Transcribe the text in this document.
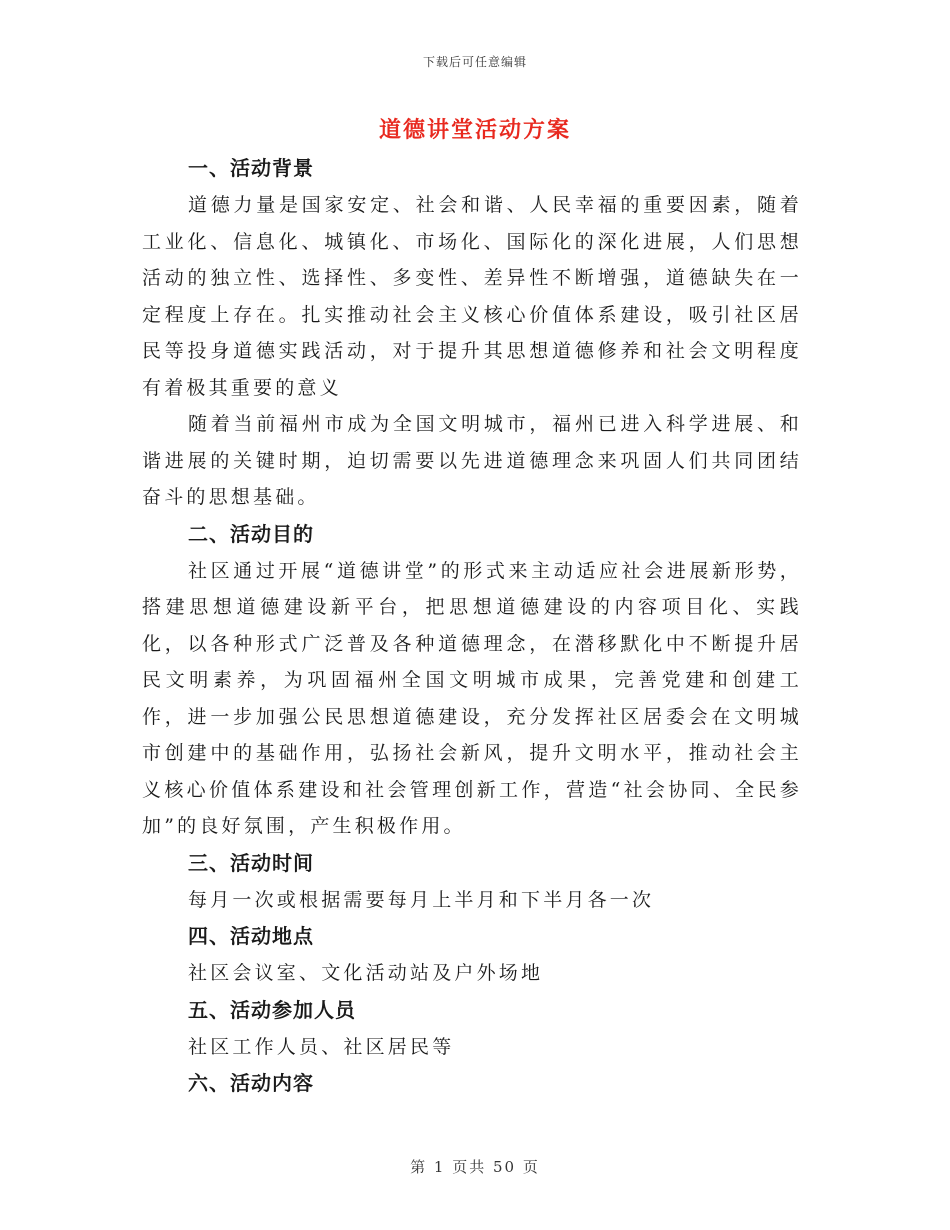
下载后可任意编辑
道德讲堂活动方案

一、活动背景

道德力量是国家安定、社会和谐、人民幸福的重要因素，随着工业化、信息化、城镇化、市场化、国际化的深化进展，人们思想活动的独立性、选择性、多变性、差异性不断增强，道德缺失在一定程度上存在。扎实推动社会主义核心价值体系建设，吸引社区居民等投身道德实践活动，对于提升其思想道德修养和社会文明程度有着极其重要的意义

随着当前福州市成为全国文明城市，福州已进入科学进展、和谐进展的关键时期，迫切需要以先进道德理念来巩固人们共同团结奋斗的思想基础。

二、活动目的

社区通过开展“道德讲堂”的形式来主动适应社会进展新形势，搭建思想道德建设新平台，把思想道德建设的内容项目化、实践化，以各种形式广泛普及各种道德理念，在潜移默化中不断提升居民文明素养，为巩固福州全国文明城市成果，完善党建和创建工作，进一步加强公民思想道德建设，充分发挥社区居委会在文明城市创建中的基础作用，弘扬社会新风，提升文明水平，推动社会主义核心价值体系建设和社会管理创新工作，营造“社会协同、全民参加”的良好氛围，产生积极作用。

三、活动时间

每月一次或根据需要每月上半月和下半月各一次

四、活动地点

社区会议室、文化活动站及户外场地

五、活动参加人员

社区工作人员、社区居民等

六、活动内容

第 1 页共 50 页
